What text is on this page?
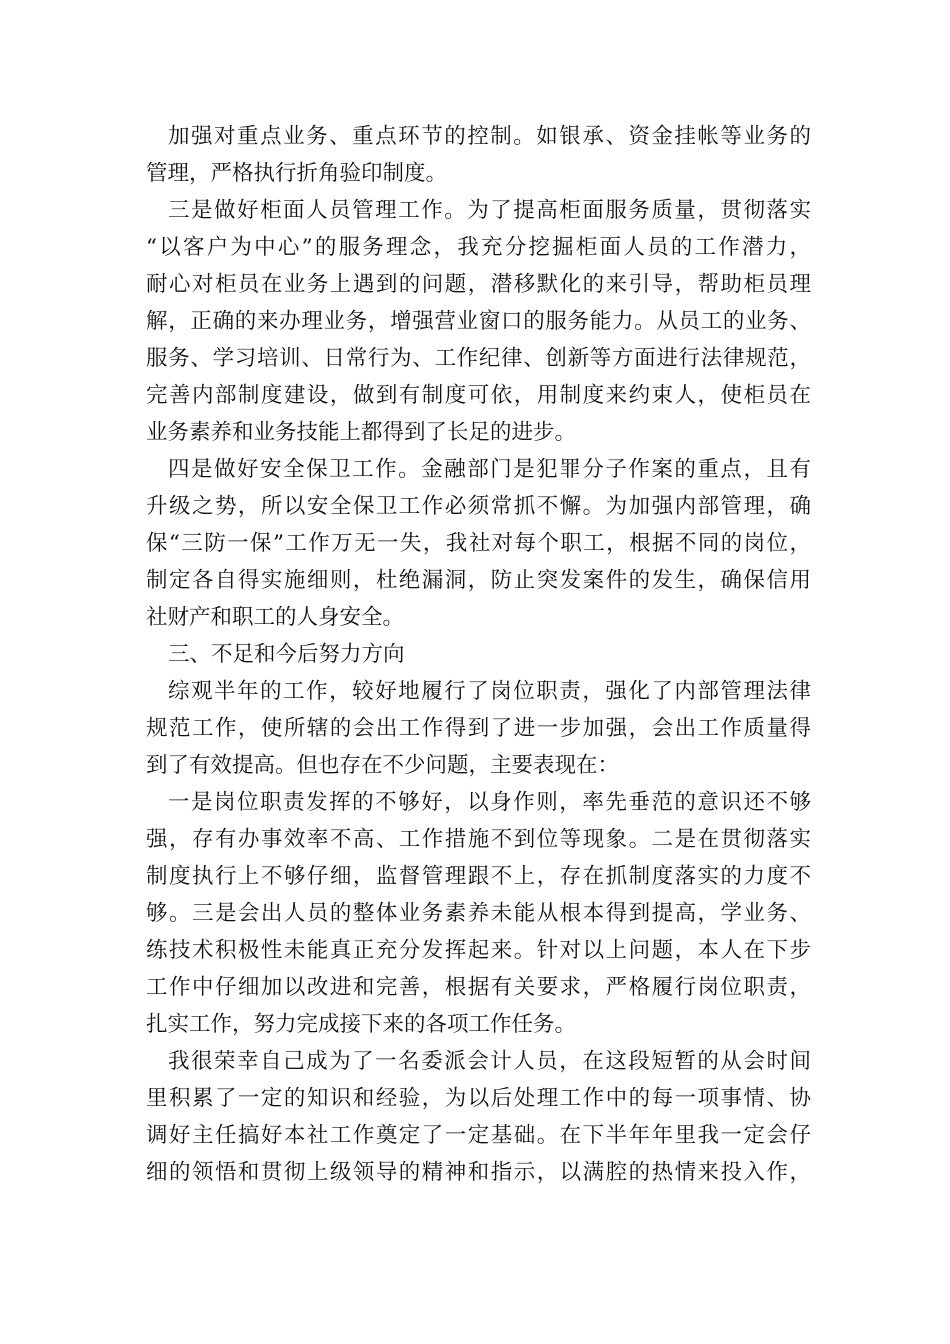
加强对重点业务、重点环节的控制。如银承、资金挂帐等业务的
管理，严格执行折角验印制度。
三是做好柜面人员管理工作。为了提高柜面服务质量，贯彻落实
“以客户为中心”的服务理念，我充分挖掘柜面人员的工作潜力，
耐心对柜员在业务上遇到的问题，潜移默化的来引导，帮助柜员理
解，正确的来办理业务，增强营业窗口的服务能力。从员工的业务、
服务、学习培训、日常行为、工作纪律、创新等方面进行法律规范，
完善内部制度建设，做到有制度可依，用制度来约束人，使柜员在
业务素养和业务技能上都得到了长足的进步。
四是做好安全保卫工作。金融部门是犯罪分子作案的重点，且有
升级之势，所以安全保卫工作必须常抓不懈。为加强内部管理，确
保“三防一保”工作万无一失，我社对每个职工，根据不同的岗位，
制定各自得实施细则，杜绝漏洞，防止突发案件的发生，确保信用
社财产和职工的人身安全。
三、不足和今后努力方向
综观半年的工作，较好地履行了岗位职责，强化了内部管理法律
规范工作，使所辖的会出工作得到了进一步加强，会出工作质量得
到了有效提高。但也存在不少问题，主要表现在：
一是岗位职责发挥的不够好，以身作则，率先垂范的意识还不够
强，存有办事效率不高、工作措施不到位等现象。二是在贯彻落实
制度执行上不够仔细，监督管理跟不上，存在抓制度落实的力度不
够。三是会出人员的整体业务素养未能从根本得到提高，学业务、
练技术积极性未能真正充分发挥起来。针对以上问题，本人在下步
工作中仔细加以改进和完善，根据有关要求，严格履行岗位职责，
扎实工作，努力完成接下来的各项工作任务。
我很荣幸自己成为了一名委派会计人员，在这段短暂的从会时间
里积累了一定的知识和经验，为以后处理工作中的每一项事情、协
调好主任搞好本社工作奠定了一定基础。在下半年年里我一定会仔
细的领悟和贯彻上级领导的精神和指示，以满腔的热情来投入作，
